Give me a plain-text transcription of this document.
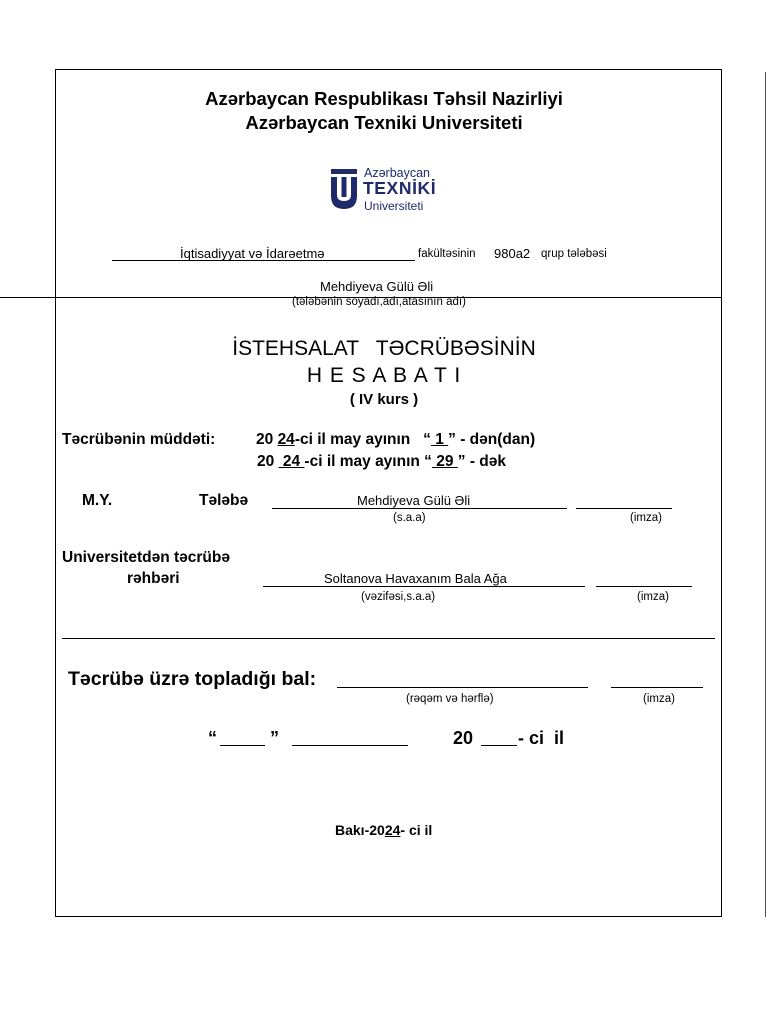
Azərbaycan Respublikası Təhsil Nazirliyi
Azərbaycan Texniki Universiteti
Azərbaycan
TEXNİKİ
Universiteti
İqtisadiyyat və İdarəetmə	fakültəsinin 980a2 qrup tələbəsi
Mehdiyeva Gülü Əli
(tələbənin soyadı,adı,atasının adı)
İSTEHSALAT   TƏCRÜBƏSİNİN
H E S A B A T I
( IV kurs )
Təcrübənin müddəti:	20 24-ci il may ayının   “ 1 ” - dən(dan)
20  24 -ci il may ayının “ 29 ” - dək
M.Y.	Tələbə	Mehdiyeva Gülü Əli
(s.a.a)	(imza)
Universitetdən təcrübə
rəhbəri	Soltanova Havaxanım Bala Ağa
(vəzifəsi,s.a.a)	(imza)
Təcrübə üzrə topladığı bal:
(rəqəm və hərflə)	(imza)
“	”	20 - ci  il
Bakı-2024- ci il
